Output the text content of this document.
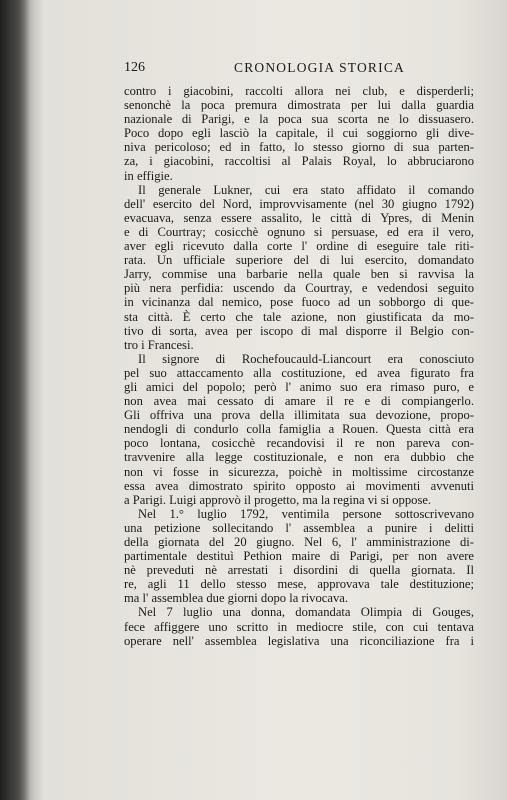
126	CRONOLOGIA STORICA

contro i giacobini, raccolti allora nei club, e disperderli;

senonchè la poca premura dimostrata per lui dalla guardia

nazionale di Parigi, e la poca sua scorta ne lo dissuasero.

Poco dopo egli lasciò la capitale, il cui soggiorno gli dive-

niva pericoloso; ed in fatto, lo stesso giorno di sua parten-

za, i giacobini, raccoltisi al Palais Royal, lo abbruciarono

in effigie.

Il generale Lukner, cui era stato affidato il comando

dell' esercito del Nord, improvvisamente (nel 30 giugno 1792)

evacuava, senza essere assalito, le città di Ypres, di Menin

e di Courtray; cosicchè ognuno si persuase, ed era il vero,

aver egli ricevuto dalla corte l' ordine di eseguire tale riti-

rata. Un ufficiale superiore del di lui esercito, domandato

Jarry, commise una barbarie nella quale ben si ravvisa la

più nera perfidia: uscendo da Courtray, e vedendosi seguito

in vicinanza dal nemico, pose fuoco ad un sobborgo di que-

sta città. È certo che tale azione, non giustificata da mo-

tivo di sorta, avea per iscopo di mal disporre il Belgio con-

tro i Francesi.

Il signore di Rochefoucauld-Liancourt era conosciuto

pel suo attaccamento alla costituzione, ed avea figurato fra

gli amici del popolo; però l' animo suo era rimaso puro, e

non avea mai cessato di amare il re e di compiangerlo.

Gli offriva una prova della illimitata sua devozione, propo-

nendogli di condurlo colla famiglia a Rouen. Questa città era

poco lontana, cosicchè recandovisi il re non pareva con-

travvenire alla legge costituzionale, e non era dubbio che

non vi fosse in sicurezza, poichè in moltissime circostanze

essa avea dimostrato spirito opposto ai movimenti avvenuti

a Parigi. Luigi approvò il progetto, ma la regina vi si oppose.

Nel 1.° luglio 1792, ventimila persone sottoscrivevano

una petizione sollecitando l' assemblea a punire i delitti

della giornata del 20 giugno. Nel 6, l' amministrazione di-

partimentale destituì Pethion maire di Parigi, per non avere

nè preveduti nè arrestati i disordini di quella giornata. Il

re, agli 11 dello stesso mese, approvava tale destituzione;

ma l' assemblea due giorni dopo la rivocava.

Nel 7 luglio una donna, domandata Olimpia di Gouges,

fece affiggere uno scritto in mediocre stile, con cui tentava

operare nell' assemblea legislativa una riconciliazione fra i
